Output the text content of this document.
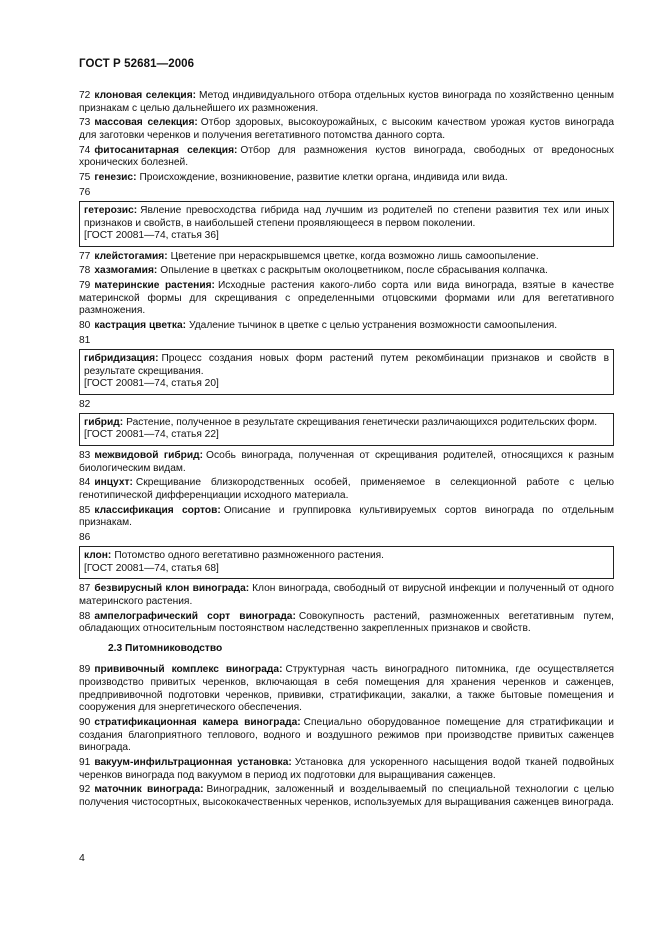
ГОСТ Р 52681—2006

72 клоновая селекция: Метод индивидуального отбора отдельных кустов винограда по хозяйственно ценным признакам с целью дальнейшего их размножения.

73 массовая селекция: Отбор здоровых, высокоурожайных, с высоким качеством урожая кустов винограда для заготовки черенков и получения вегетативного потомства данного сорта.

74 фитосанитарная селекция: Отбор для размножения кустов винограда, свободных от вредоносных хронических болезней.

75 генезис: Происхождение, возникновение, развитие клетки органа, индивида или вида.

76
гетерозис: Явление превосходства гибрида над лучшим из родителей по степени развития тех или иных признаков и свойств, в наибольшей степени проявляющееся в первом поколении.
[ГОСТ 20081—74, статья 36]

77 клейстогамия: Цветение при нераскрывшемся цветке, когда возможно лишь самоопыление.

78 хазмогамия: Опыление в цветках с раскрытым околоцветником, после сбрасывания колпачка.

79 материнские растения: Исходные растения какого-либо сорта или вида винограда, взятые в качестве материнской формы для скрещивания с определенными отцовскими формами или для вегетативного размножения.

80 кастрация цветка: Удаление тычинок в цветке с целью устранения возможности самоопыления.

81
гибридизация: Процесс создания новых форм растений путем рекомбинации признаков и свойств в результате скрещивания.
[ГОСТ 20081—74, статья 20]
82
гибрид: Растение, полученное в результате скрещивания генетически различающихся родительских форм.
[ГОСТ 20081—74, статья 22]

83 межвидовой гибрид: Особь винограда, полученная от скрещивания родителей, относящихся к разным биологическим видам.

84 инцухт: Скрещивание близкородственных особей, применяемое в селекционной работе с целью генотипической дифференциации исходного материала.

85 классификация сортов: Описание и группировка культивируемых сортов винограда по отдельным признакам.

86
клон: Потомство одного вегетативно размноженного растения.
[ГОСТ 20081—74, статья 68]

87 безвирусный клон винограда: Клон винограда, свободный от вирусной инфекции и полученный от одного материнского растения.

88 ампелографический сорт винограда: Совокупность растений, размноженных вегетативным путем, обладающих относительным постоянством наследственно закрепленных признаков и свойств.

2.3 Питомниководство

89 прививочный комплекс винограда: Структурная часть виноградного питомника, где осуществляется производство привитых черенков, включающая в себя помещения для хранения черенков и саженцев, предпрививочной подготовки черенков, прививки, стратификации, закалки, а также бытовые помещения и сооружения для энергетического обеспечения.

90 стратификационная камера винограда: Специально оборудованное помещение для стратификации и создания благоприятного теплового, водного и воздушного режимов при производстве привитых саженцев винограда.

91 вакуум-инфильтрационная установка: Установка для ускоренного насыщения водой тканей подвойных черенков винограда под вакуумом в период их подготовки для выращивания саженцев.

92 маточник винограда: Виноградник, заложенный и возделываемый по специальной технологии с целью получения чистосортных, высококачественных черенков, используемых для выращивания саженцев винограда.

4
